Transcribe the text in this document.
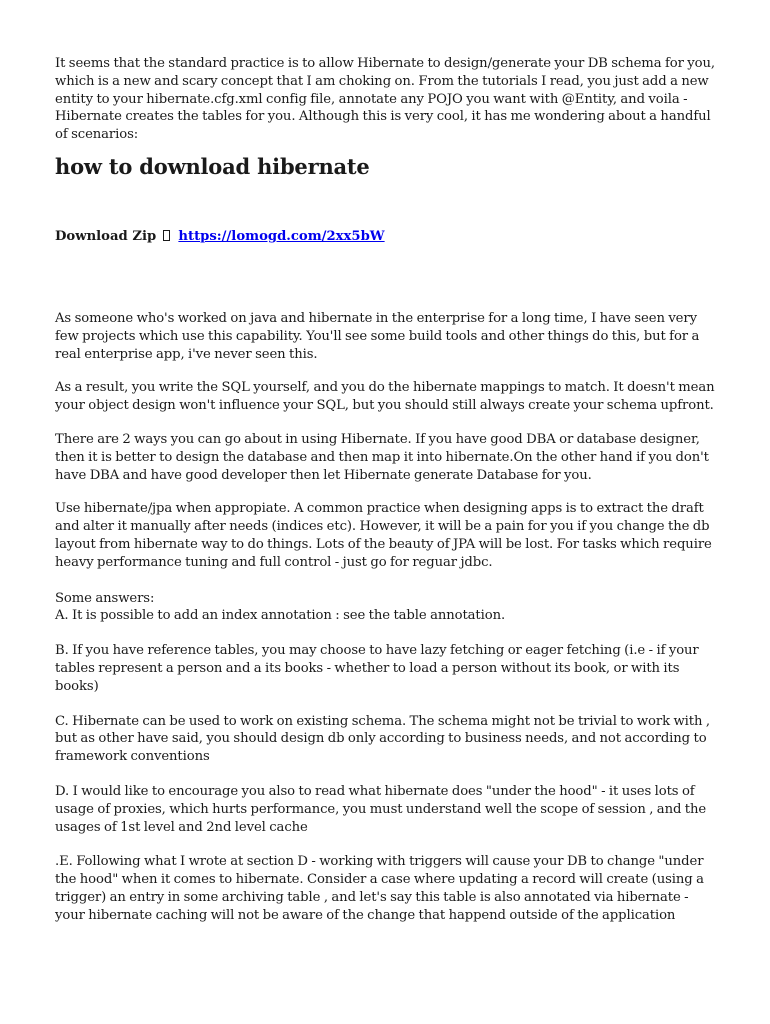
It seems that the standard practice is to allow Hibernate to design/generate your DB schema for you, which is a new and scary concept that I am choking on. From the tutorials I read, you just add a new entity to your hibernate.cfg.xml config file, annotate any POJO you want with @Entity, and voila - Hibernate creates the tables for you. Although this is very cool, it has me wondering about a handful of scenarios:

how to download hibernate
Download Zip https://lomogd.com/2xx5bW

As someone who's worked on java and hibernate in the enterprise for a long time, I have seen very few projects which use this capability. You'll see some build tools and other things do this, but for a real enterprise app, i've never seen this.

As a result, you write the SQL yourself, and you do the hibernate mappings to match. It doesn't mean your object design won't influence your SQL, but you should still always create your schema upfront.

There are 2 ways you can go about in using Hibernate. If you have good DBA or database designer, then it is better to design the database and then map it into hibernate.On the other hand if you don't have DBA and have good developer then let Hibernate generate Database for you.

Use hibernate/jpa when appropiate. A common practice when designing apps is to extract the draft and alter it manually after needs (indices etc). However, it will be a pain for you if you change the db layout from hibernate way to do things. Lots of the beauty of JPA will be lost. For tasks which require heavy performance tuning and full control - just go for reguar jdbc.

Some answers:

A. It is possible to add an index annotation : see the table annotation.

B. If you have reference tables, you may choose to have lazy fetching or eager fetching (i.e - if your tables represent a person and a its books - whether to load a person without its book, or with its books)

C. Hibernate can be used to work on existing schema. The schema might not be trivial to work with , but as other have said, you should design db only according to business needs, and not according to framework conventions

D. I would like to encourage you also to read what hibernate does "under the hood" - it uses lots of usage of proxies, which hurts performance, you must understand well the scope of session , and the usages of 1st level and 2nd level cache

.E. Following what I wrote at section D - working with triggers will cause your DB to change "under the hood" when it comes to hibernate. Consider a case where updating a record will create (using a trigger) an entry in some archiving table , and let's say this table is also annotated via hibernate - your hibernate caching will not be aware of the change that happend outside of the application
